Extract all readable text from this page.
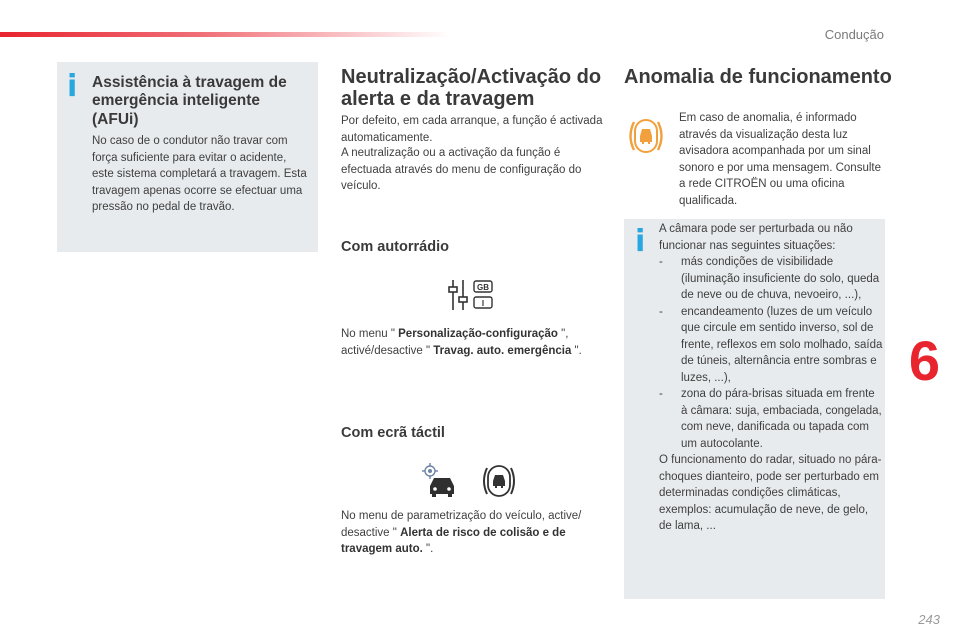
Condução
6
243
i Assistência à travagem de emergência inteligente (AFUi)
No caso de o condutor não travar com força suficiente para evitar o acidente, este sistema completará a travagem. Esta travagem apenas ocorre se efectuar uma pressão no pedal de travão.
Neutralização/Activação do alerta e da travagem
Por defeito, em cada arranque, a função é activada automaticamente.
A neutralização ou a activação da função é efectuada através do menu de configuração do veículo.
Com autorrádio
GB
I
No menu " Personalização-configuração ", activé/desactive " Travag. auto. emergência ".
Com ecrã táctil
No menu de parametrização do veículo, active/ desactive " Alerta de risco de colisão e de travagem auto. ".
Anomalia de funcionamento
Em caso de anomalia, é informado através da visualização desta luz avisadora acompanhada por um sinal sonoro e por uma mensagem. Consulte a rede CITROËN ou uma oficina qualificada.
i A câmara pode ser perturbada ou não funcionar nas seguintes situações:
- más condições de visibilidade (iluminação insuficiente do solo, queda de neve ou de chuva, nevoeiro, ...),
- encandeamento (luzes de um veículo que circule em sentido inverso, sol de frente, reflexos em solo molhado, saída de túneis, alternância entre sombras e luzes, ...),
- zona do pára-brisas situada em frente à câmara: suja, embaciada, congelada, com neve, danificada ou tapada com um autocolante.
O funcionamento do radar, situado no pára-choques dianteiro, pode ser perturbado em determinadas condições climáticas, exemplos: acumulação de neve, de gelo, de lama, ...
